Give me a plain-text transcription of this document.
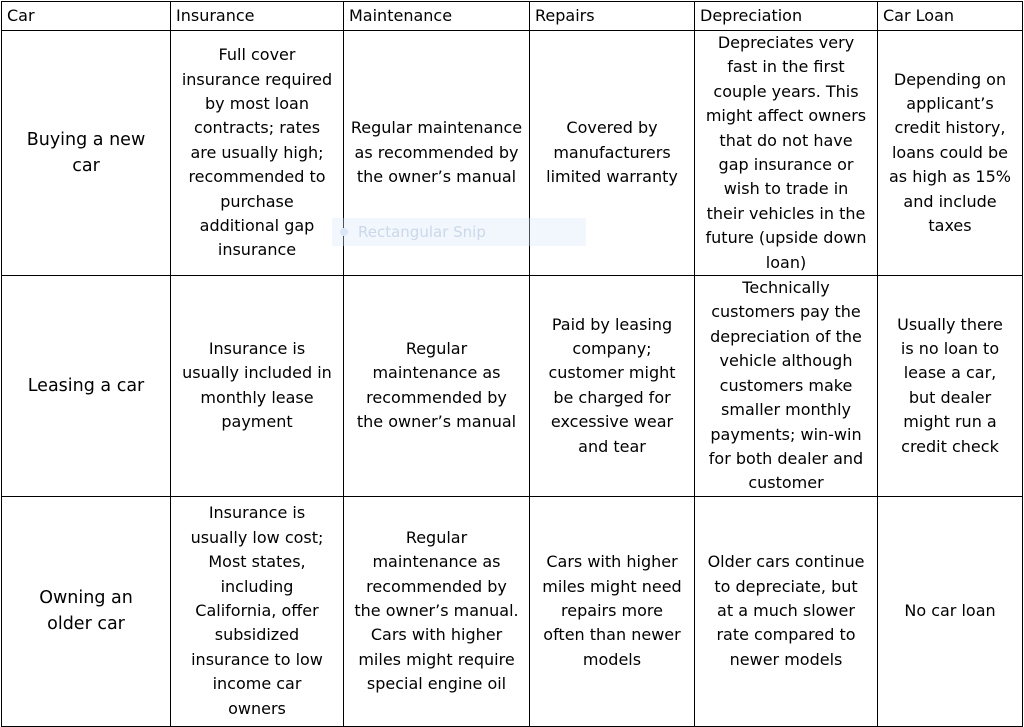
Car	Insurance	Maintenance	Repairs	Depreciation	Car Loan
Buying a new car	Full cover insurance required by most loan contracts; rates are usually high; recommended to purchase additional gap insurance	Regular maintenance as recommended by the owner’s manual	Covered by manufacturers limited warranty	Depreciates very fast in the first couple years. This might affect owners that do not have gap insurance or wish to trade in their vehicles in the future (upside down loan)	Depending on applicant’s credit history, loans could be as high as 15% and include taxes
Leasing a car	Insurance is usually included in monthly lease payment	Regular maintenance as recommended by the owner’s manual	Paid by leasing company; customer might be charged for excessive wear and tear	Technically customers pay the depreciation of the vehicle although customers make smaller monthly payments; win-win for both dealer and customer	Usually there is no loan to lease a car, but dealer might run a credit check
Owning an older car	Insurance is usually low cost; Most states, including California, offer subsidized insurance to low income car owners	Regular maintenance as recommended by the owner’s manual. Cars with higher miles might require special engine oil	Cars with higher miles might need repairs more often than newer models	Older cars continue to depreciate, but at a much slower rate compared to newer models	No car loan
Rectangular Snip
